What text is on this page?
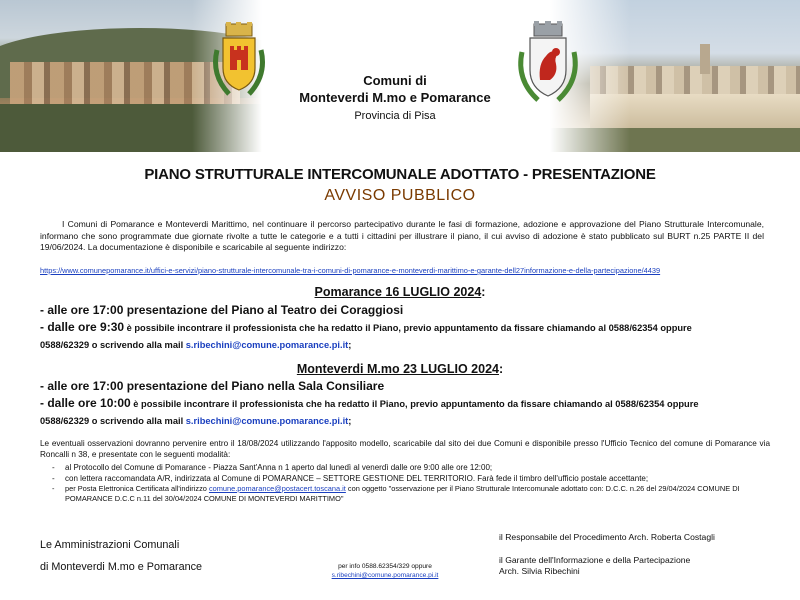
Comuni di
Monteverdi M.mo e Pomarance
Provincia di Pisa
PIANO STRUTTURALE INTERCOMUNALE ADOTTATO - PRESENTAZIONE
AVVISO PUBBLICO
I Comuni di Pomarance e Monteverdi Marittimo, nel continuare il percorso partecipativo durante le fasi di formazione, adozione e approvazione del Piano Strutturale Intercomunale, informano che sono programmate due giornate rivolte a tutte le categorie e a tutti i cittadini per illustrare il piano, il cui avviso di adozione è stato pubblicato sul BURT n.25 PARTE II del 19/06/2024. La documentazione è disponibile e scaricabile al seguente indirizzo:
https://www.comunepomarance.it/uffici-e-servizi/piano-strutturale-intercomunale-tra-i-comuni-di-pomarance-e-monteverdi-marittimo-e-garante-dell27informazione-e-della-partecipazione/4439
Pomarance 16 LUGLIO 2024:
- alle ore 17:00 presentazione del Piano al Teatro dei Coraggiosi
- dalle ore 9:30 è possibile incontrare il professionista che ha redatto il Piano, previo appuntamento da fissare chiamando al 0588/62354 oppure
0588/62329 o scrivendo alla mail s.ribechini@comune.pomarance.pi.it;
Monteverdi M.mo 23 LUGLIO 2024:
- alle ore 17:00 presentazione del Piano nella Sala Consiliare
- dalle ore 10:00 è possibile incontrare il professionista che ha redatto il Piano, previo appuntamento da fissare chiamando al 0588/62354 oppure
0588/62329 o scrivendo alla mail s.ribechini@comune.pomarance.pi.it;
Le eventuali osservazioni dovranno pervenire entro il 18/08/2024 utilizzando l'apposito modello, scaricabile dal sito dei due Comuni e disponibile presso l'Ufficio Tecnico del comune di Pomarance via Roncalli n 38, e presentate con le seguenti modalità:
- al Protocollo del Comune di Pomarance - Piazza Sant'Anna n 1 aperto dal lunedì al venerdì dalle ore 9:00 alle ore 12:00;
- con lettera raccomandata A/R, indirizzata al Comune di POMARANCE – SETTORE GESTIONE DEL TERRITORIO. Farà fede il timbro dell'ufficio postale accettante;
- per Posta Elettronica Certificata all'indirizzo comune.pomarance@postacert.toscana.it con oggetto "osservazione per il Piano Strutturale Intercomunale adottato con: D.C.C. n.26 del 29/04/2024 COMUNE DI POMARANCE D.C.C n.11 del 30/04/2024 COMUNE DI MONTEVERDI MARITTIMO"
Le Amministrazioni Comunali
di Monteverdi M.mo e Pomarance	per info 0588.62354/329 oppure
s.ribechini@comune.pomarance.pi.it
il Responsabile del Procedimento Arch. Roberta Costagli
il Garante dell'Informazione e della Partecipazione
Arch. Silvia Ribechini
